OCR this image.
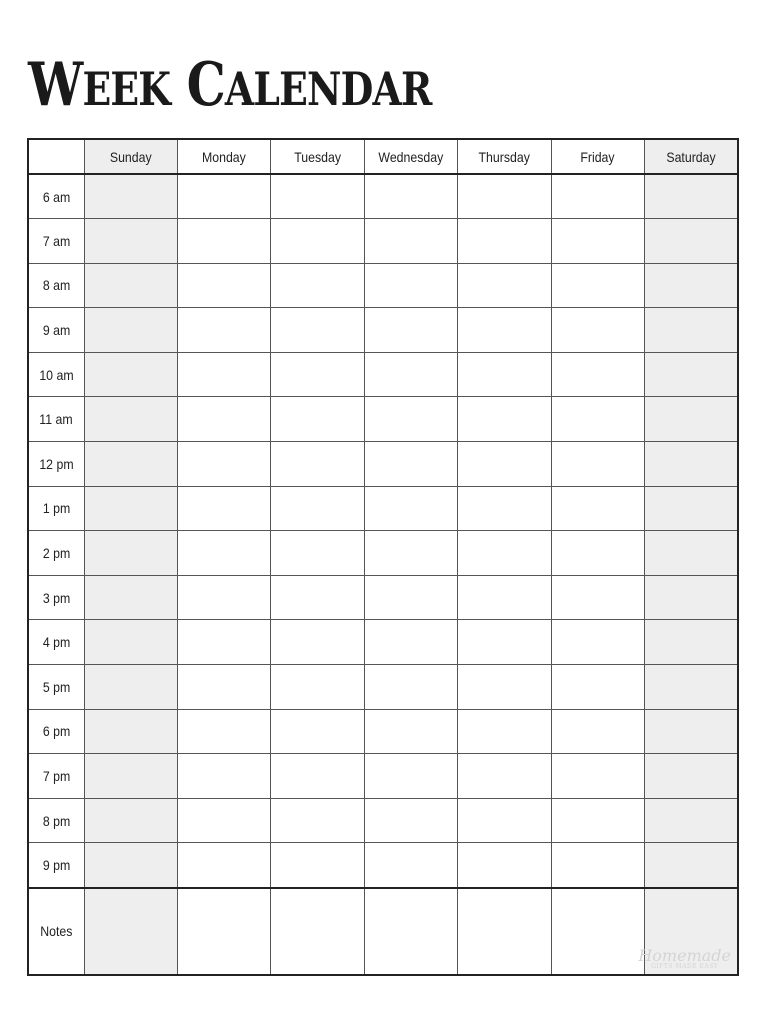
WEEK CALENDAR
	Sunday	Monday	Tuesday	Wednesday	Thursday	Friday	Saturday
6 am							
7 am							
8 am							
9 am							
10 am							
11 am							
12 pm							
1 pm							
2 pm							
3 pm							
4 pm							
5 pm							
6 pm							
7 pm							
8 pm							
9 pm							
Notes							Homemade
GIFTS MADE EASY
